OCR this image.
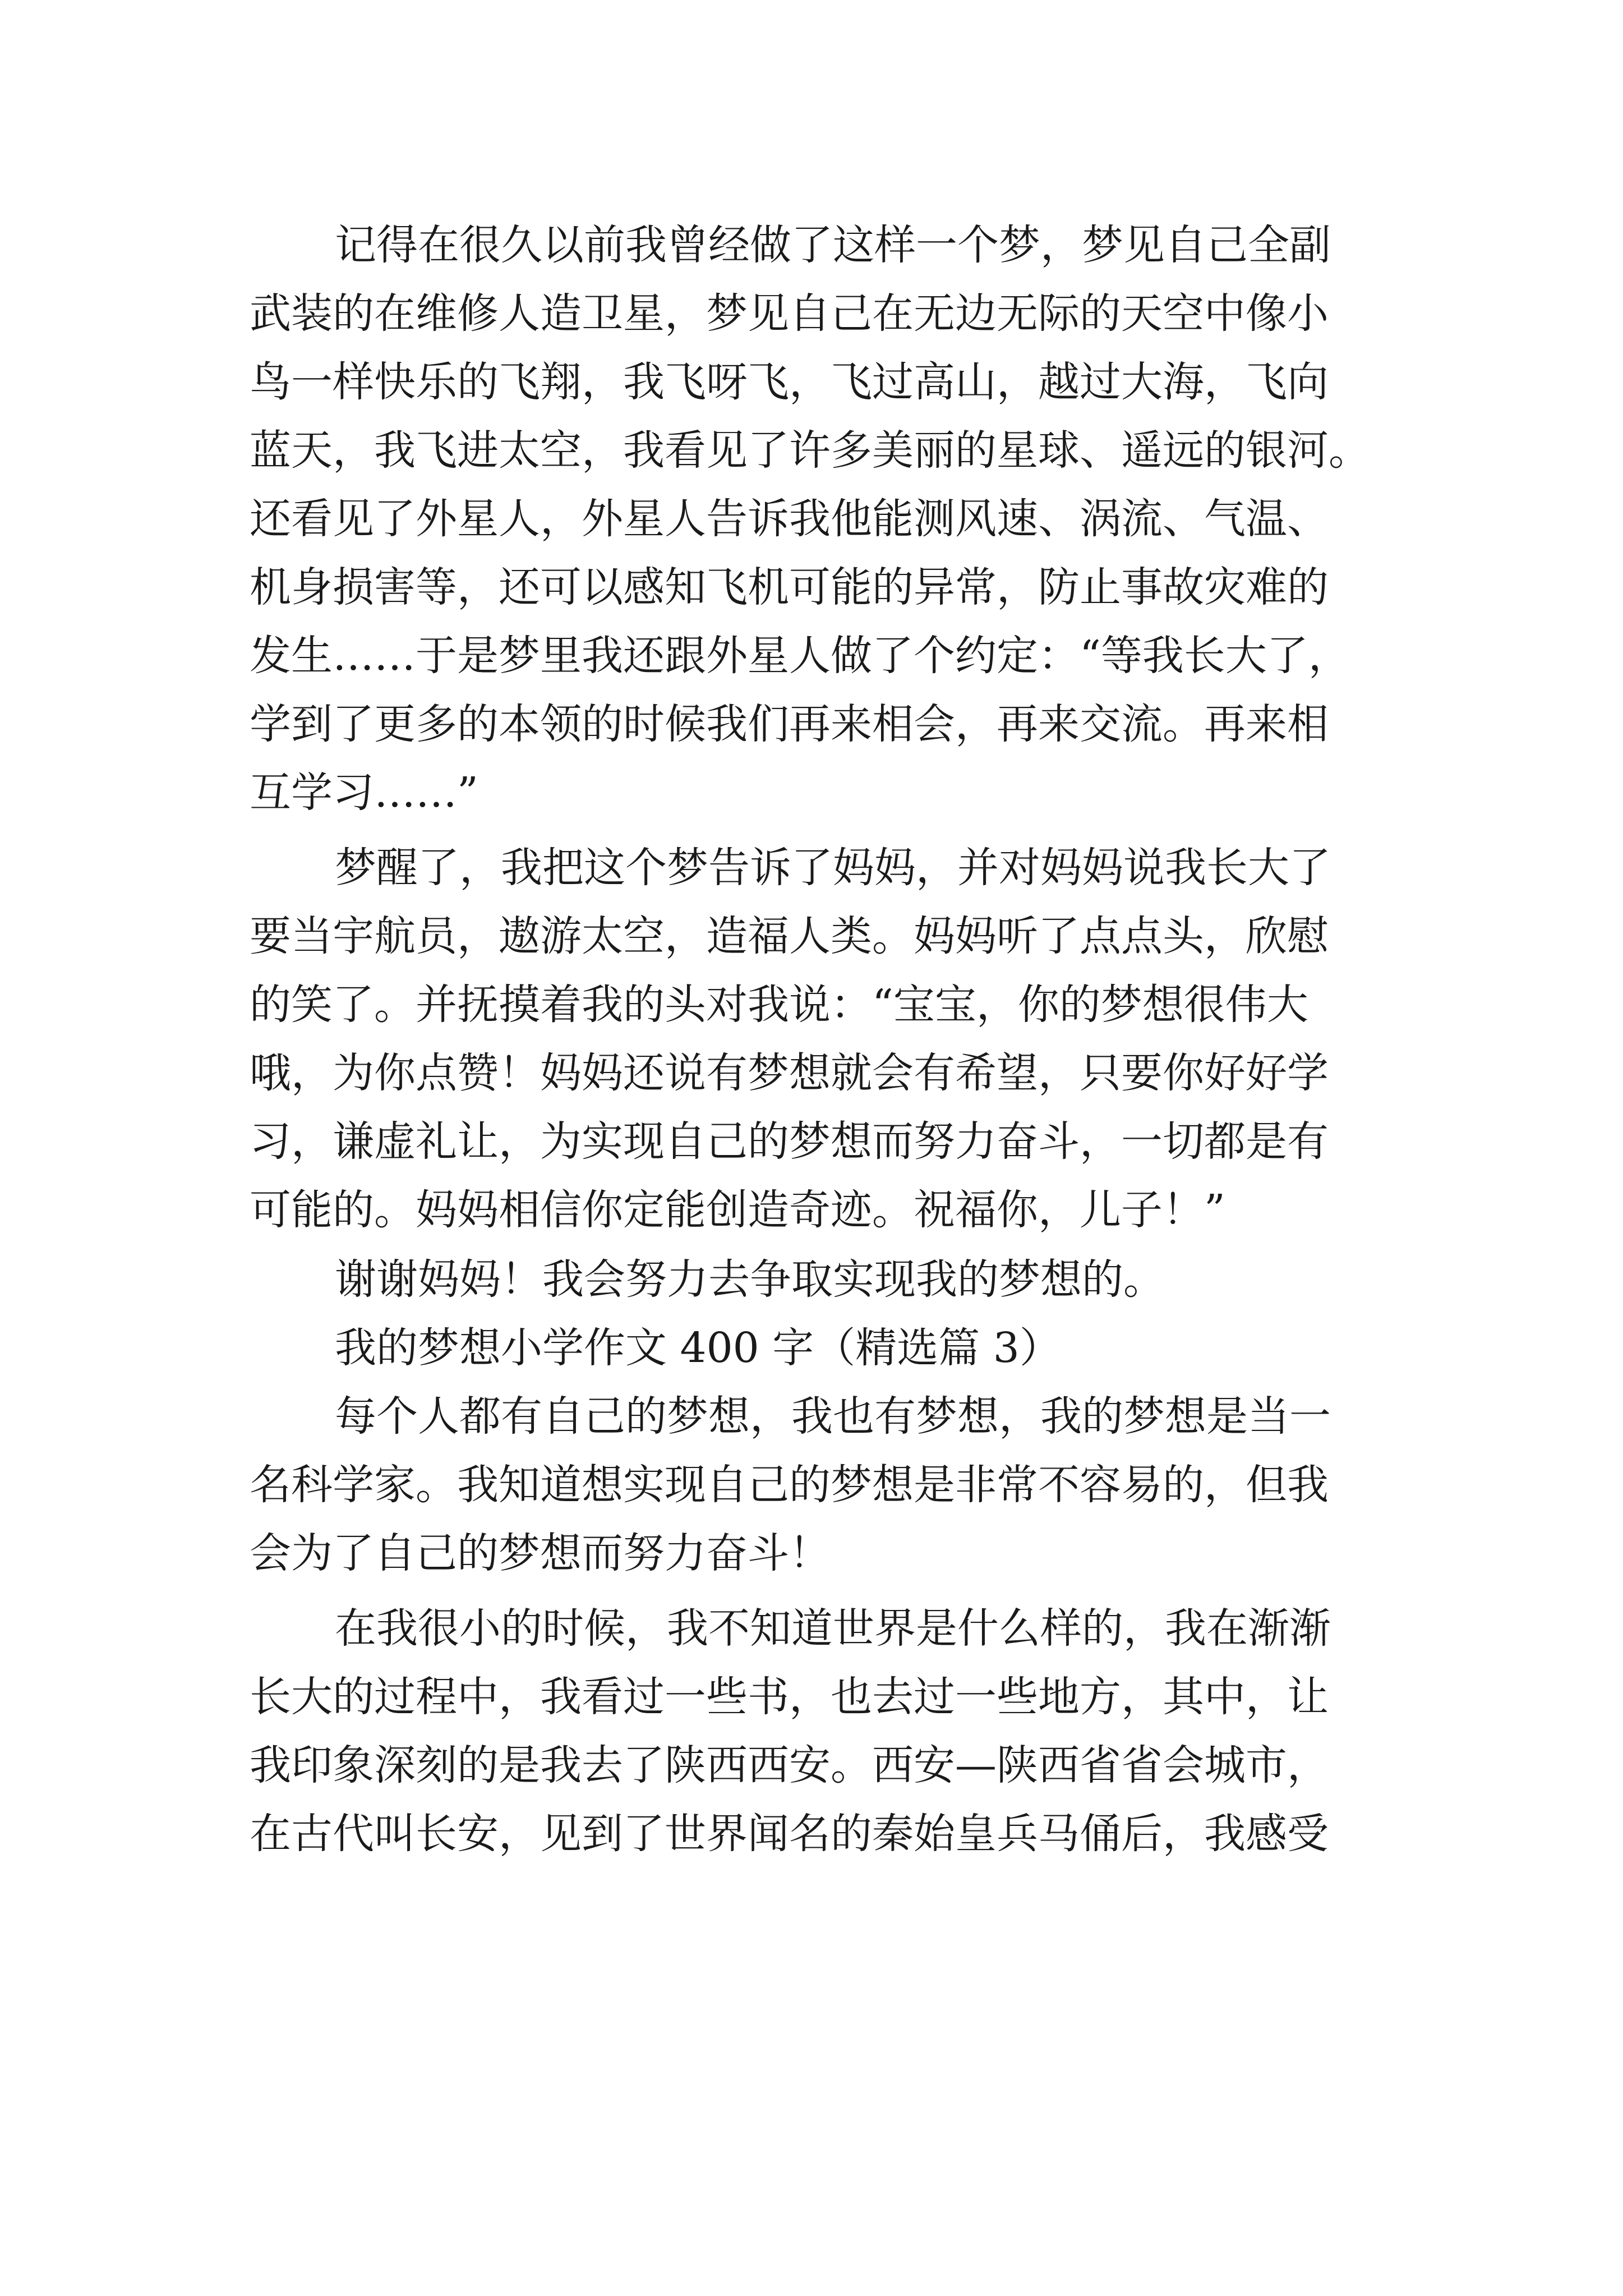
记得在很久以前我曾经做了这样一个梦，梦见自己全副
武装的在维修人造卫星，梦见自己在无边无际的天空中像小
鸟一样快乐的飞翔，我飞呀飞，飞过高山，越过大海，飞向
蓝天，我飞进太空，我看见了许多美丽的星球、遥远的银河。
还看见了外星人，外星人告诉我他能测风速、涡流、气温、
机身损害等，还可以感知飞机可能的异常，防止事故灾难的
发生……于是梦里我还跟外星人做了个约定：“等我长大了，
学到了更多的本领的时候我们再来相会，再来交流。再来相
互学习……”
梦醒了，我把这个梦告诉了妈妈，并对妈妈说我长大了
要当宇航员，遨游太空，造福人类。妈妈听了点点头，欣慰
的笑了。并抚摸着我的头对我说：“宝宝，你的梦想很伟大
哦，为你点赞！妈妈还说有梦想就会有希望，只要你好好学
习，谦虚礼让，为实现自己的梦想而努力奋斗，一切都是有
可能的。妈妈相信你定能创造奇迹。祝福你，儿子！”
谢谢妈妈！我会努力去争取实现我的梦想的。
我的梦想小学作文 400 字（精选篇 3）
每个人都有自己的梦想，我也有梦想，我的梦想是当一
名科学家。我知道想实现自己的梦想是非常不容易的，但我
会为了自己的梦想而努力奋斗！
在我很小的时候，我不知道世界是什么样的，我在渐渐
长大的过程中，我看过一些书，也去过一些地方，其中，让
我印象深刻的是我去了陕西西安。西安—陕西省省会城市，
在古代叫长安，见到了世界闻名的秦始皇兵马俑后，我感受
